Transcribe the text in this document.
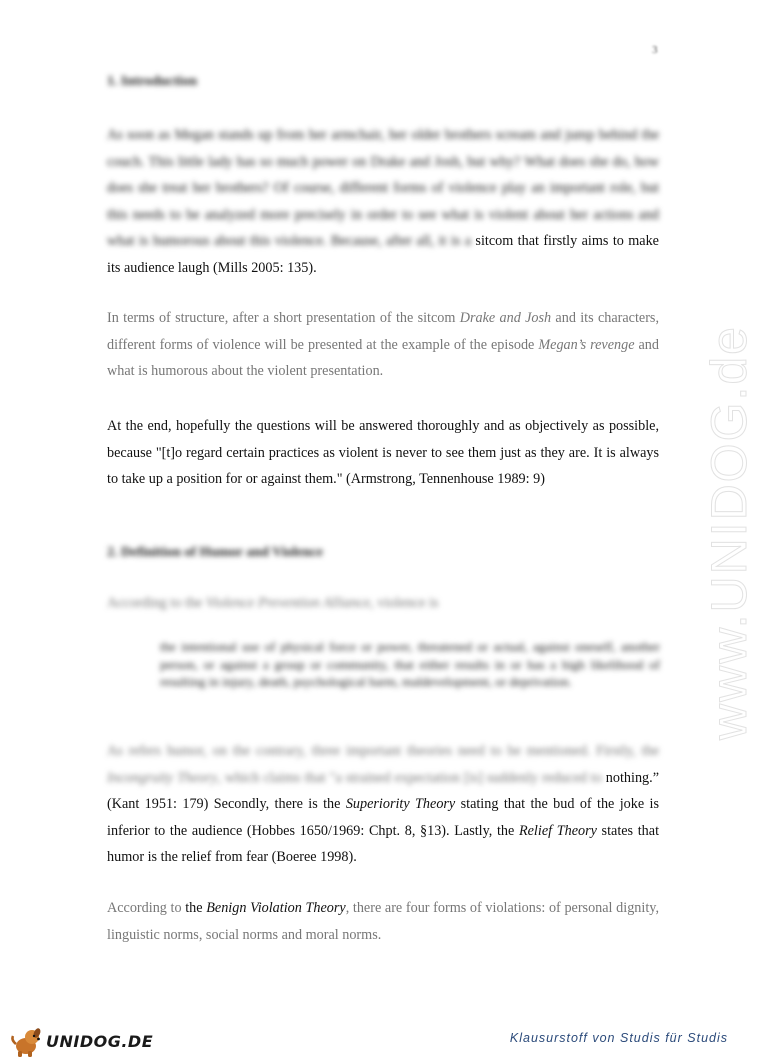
3
www.UNIDOG.de
1. Introduction
As soon as Megan stands up from her armchair, her older brothers scream and jump behind the couch. This little lady has so much power on Drake and Josh, but why? What does she do, how does she treat her brothers? Of course, different forms of violence play an important role, but this needs to be analyzed more precisely in order to see what is violent about her actions and what is humorous about this violence. Because, after all, it is a sitcom that firstly aims to make its audience laugh (Mills 2005: 135).

In terms of structure, after a short presentation of the sitcom Drake and Josh and its characters, different forms of violence will be presented at the example of the episode Megan’s revenge and what is humorous about the violent presentation.

At the end, hopefully the questions will be answered thoroughly and as objectively as possible, because "[t]o regard certain practices as violent is never to see them just as they are. It is always to take up a position for or against them." (Armstrong, Tennenhouse 1989: 9)

2. Definition of Humor and Violence

According to the Violence Prevention Alliance, violence is

the intentional use of physical force or power, threatened or actual, against oneself, another person, or against a group or community, that either results in or has a high likelihood of resulting in injury, death, psychological harm, maldevelopment, or deprivation.

As refers humor, on the contrary, three important theories need to be mentioned. Firstly, the Incongruity Theory, which claims that "a strained expectation [is] suddenly reduced to nothing.” (Kant 1951: 179) Secondly, there is the Superiority Theory stating that the bud of the joke is inferior to the audience (Hobbes 1650/1969: Chpt. 8, §13). Lastly, the Relief Theory states that humor is the relief from fear (Boeree 1998).

According to the Benign Violation Theory, there are four forms of violations: of personal dignity, linguistic norms, social norms and moral norms.

UNIDOG.DE	Klausurstoff von Studis für Studis
